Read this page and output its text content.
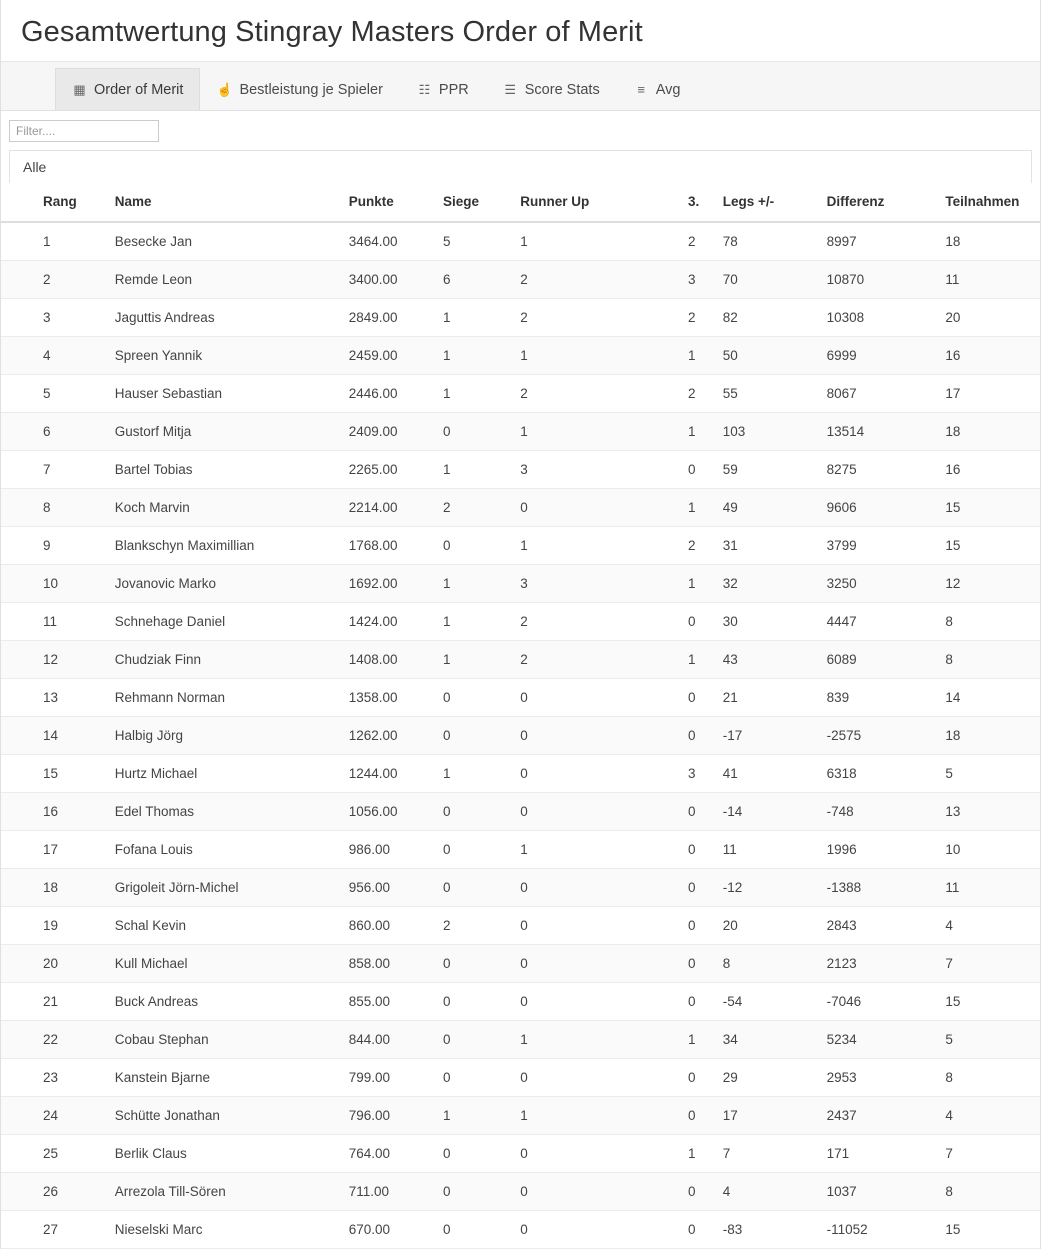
Gesamtwertung Stingray Masters Order of Merit
▦ Order of Merit	☝ Bestleistung je Spieler	☷ PPR	☰ Score Stats	≡ Avg
Filter....
Alle
Rang	Name	Punkte	Siege	Runner Up	3.	Legs +/-	Differenz	Teilnahmen
1	Besecke Jan	3464.00	5	1	2	78	8997	18
2	Remde Leon	3400.00	6	2	3	70	10870	11
3	Jaguttis Andreas	2849.00	1	2	2	82	10308	20
4	Spreen Yannik	2459.00	1	1	1	50	6999	16
5	Hauser Sebastian	2446.00	1	2	2	55	8067	17
6	Gustorf Mitja	2409.00	0	1	1	103	13514	18
7	Bartel Tobias	2265.00	1	3	0	59	8275	16
8	Koch Marvin	2214.00	2	0	1	49	9606	15
9	Blankschyn Maximillian	1768.00	0	1	2	31	3799	15
10	Jovanovic Marko	1692.00	1	3	1	32	3250	12
11	Schnehage Daniel	1424.00	1	2	0	30	4447	8
12	Chudziak Finn	1408.00	1	2	1	43	6089	8
13	Rehmann Norman	1358.00	0	0	0	21	839	14
14	Halbig Jörg	1262.00	0	0	0	-17	-2575	18
15	Hurtz Michael	1244.00	1	0	3	41	6318	5
16	Edel Thomas	1056.00	0	0	0	-14	-748	13
17	Fofana Louis	986.00	0	1	0	11	1996	10
18	Grigoleit Jörn-Michel	956.00	0	0	0	-12	-1388	11
19	Schal Kevin	860.00	2	0	0	20	2843	4
20	Kull Michael	858.00	0	0	0	8	2123	7
21	Buck Andreas	855.00	0	0	0	-54	-7046	15
22	Cobau Stephan	844.00	0	1	1	34	5234	5
23	Kanstein Bjarne	799.00	0	0	0	29	2953	8
24	Schütte Jonathan	796.00	1	1	0	17	2437	4
25	Berlik Claus	764.00	0	0	1	7	171	7
26	Arrezola Till-Sören	711.00	0	0	0	4	1037	8
27	Nieselski Marc	670.00	0	0	0	-83	-11052	15
